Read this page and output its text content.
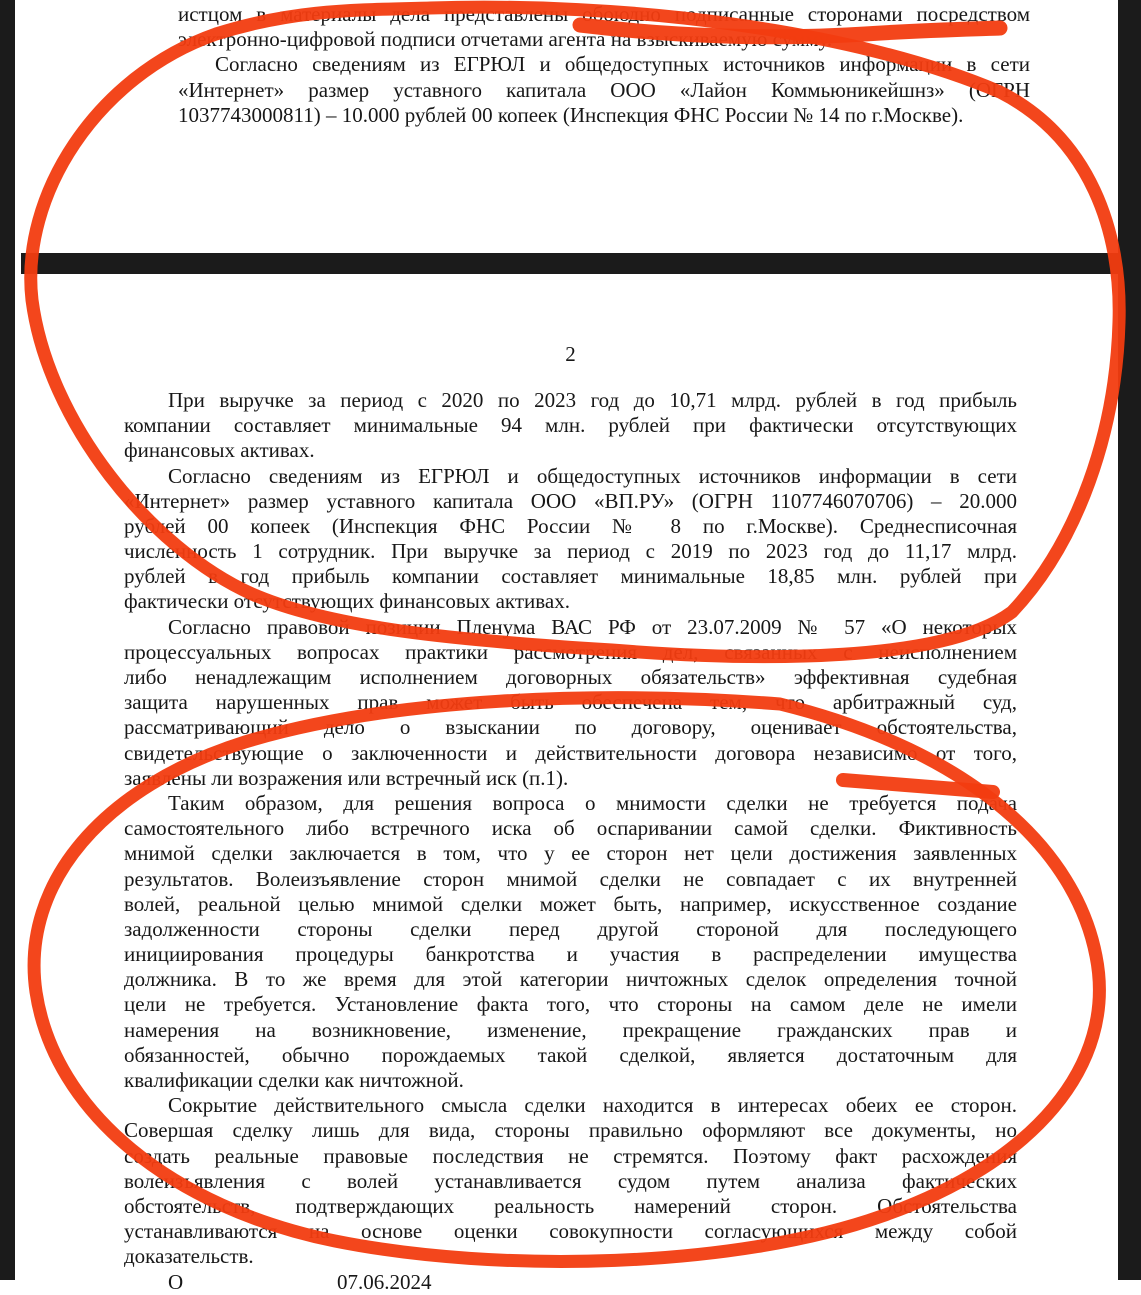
истцом в материалы дела представлены обоюдно подписанные сторонами посредством
электронно-цифровой подписи отчетами агента на взыскиваемую сумму.
Согласно сведениям из ЕГРЮЛ и общедоступных источников информации в сети
«Интернет» размер уставного капитала ООО «Лайон Коммьюникейшнз» (ОГРН
1037743000811) – 10.000 рублей 00 копеек (Инспекция ФНС России № 14 по г.Москве).
2
При выручке за период с 2020 по 2023 год до 10,71 млрд. рублей в год прибыль
компании составляет минимальные 94 млн. рублей при фактически отсутствующих
финансовых активах.
Согласно сведениям из ЕГРЮЛ и общедоступных источников информации в сети
«Интернет» размер уставного капитала ООО «ВП.РУ» (ОГРН 1107746070706) – 20.000
рублей 00 копеек (Инспекция ФНС России № 8 по г.Москве). Среднесписочная
численность 1 сотрудник. При выручке за период с 2019 по 2023 год до 11,17 млрд.
рублей в год прибыль компании составляет минимальные 18,85 млн. рублей при
фактически отсутствующих финансовых активах.
Согласно правовой позиции Пленума ВАС РФ от 23.07.2009 № 57 «О некоторых
процессуальных вопросах практики рассмотрения дел, связанных с неисполнением
либо ненадлежащим исполнением договорных обязательств» эффективная судебная
защита нарушенных прав может быть обеспечена тем, что арбитражный суд,
рассматривающий дело о взыскании по договору, оценивает обстоятельства,
свидетельствующие о заключенности и действительности договора независимо от того,
заявлены ли возражения или встречный иск (п.1).
Таким образом, для решения вопроса о мнимости сделки не требуется подача
самостоятельного либо встречного иска об оспаривании самой сделки. Фиктивность
мнимой сделки заключается в том, что у ее сторон нет цели достижения заявленных
результатов. Волеизъявление сторон мнимой сделки не совпадает с их внутренней
волей, реальной целью мнимой сделки может быть, например, искусственное создание
задолженности стороны сделки перед другой стороной для последующего
инициирования процедуры банкротства и участия в распределении имущества
должника. В то же время для этой категории ничтожных сделок определения точной
цели не требуется. Установление факта того, что стороны на самом деле не имели
намерения на возникновение, изменение, прекращение гражданских прав и
обязанностей, обычно порождаемых такой сделкой, является достаточным для
квалификации сделки как ничтожной.
Сокрытие действительного смысла сделки находится в интересах обеих ее сторон.
Совершая сделку лишь для вида, стороны правильно оформляют все документы, но
создать реальные правовые последствия не стремятся. Поэтому факт расхождения
волеизъявления с волей устанавливается судом путем анализа фактических
обстоятельств, подтверждающих реальность намерений сторон. Обстоятельства
устанавливаются на основе оценки совокупности согласующихся между собой
доказательств.
О	07.06.2024
